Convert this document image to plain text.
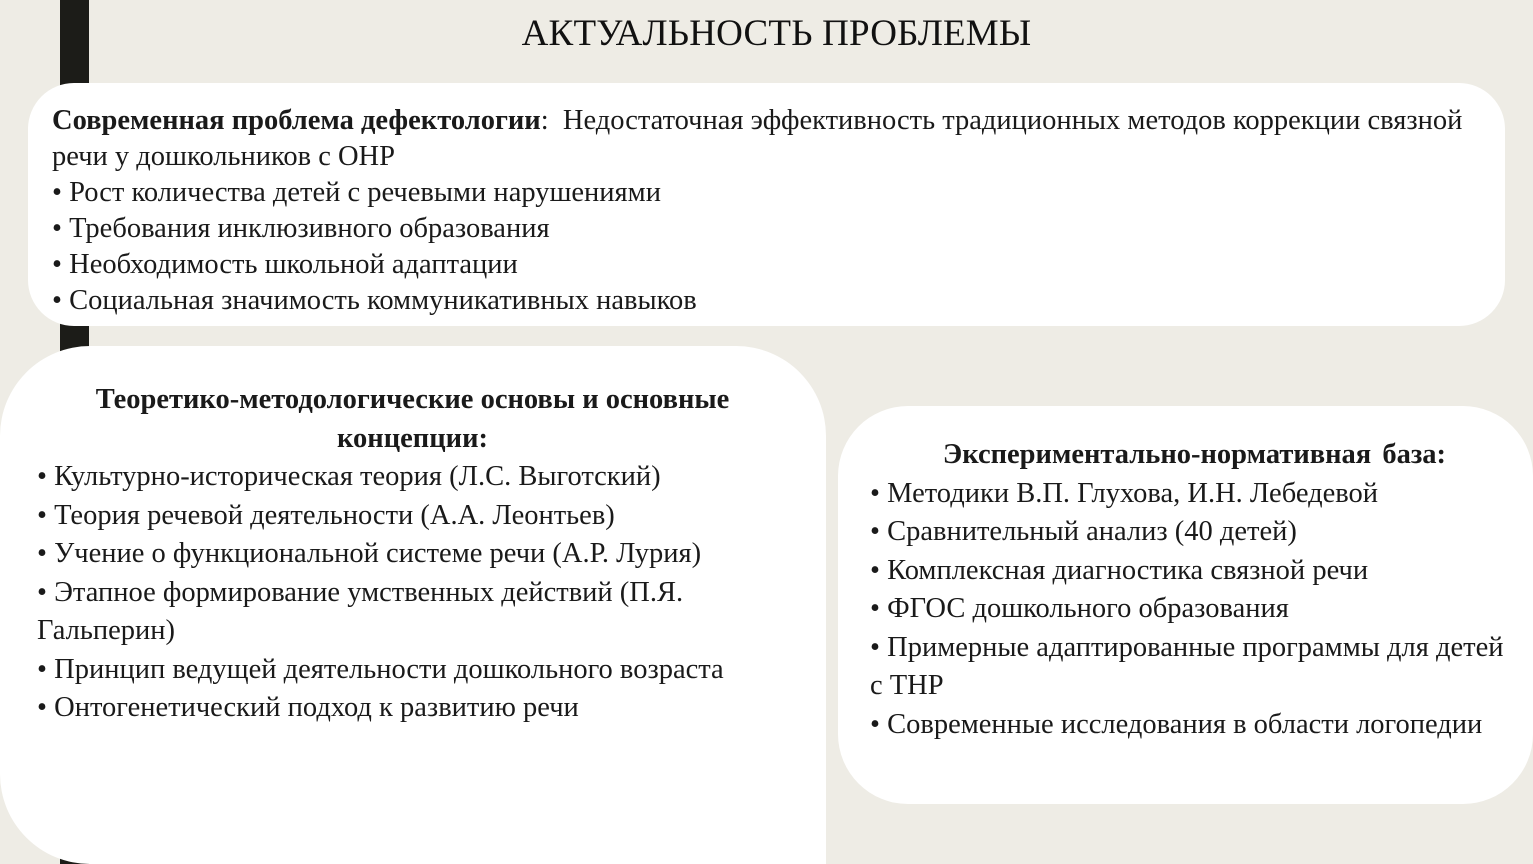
АКТУАЛЬНОСТЬ ПРОБЛЕМЫ
Современная проблема дефектологии:  Недостаточная эффективность традиционных методов коррекции связной речи у дошкольников с ОНР
• Рост количества детей с речевыми нарушениями
• Требования инклюзивного образования
• Необходимость школьной адаптации
• Социальная значимость коммуникативных навыков
Теоретико-методологические основы и основные концепции:
• Культурно-историческая теория (Л.С. Выготский)
• Теория речевой деятельности (А.А. Леонтьев)
• Учение о функциональной системе речи (А.Р. Лурия)
• Этапное формирование умственных действий (П.Я. Гальперин)
• Принцип ведущей деятельности дошкольного возраста
• Онтогенетический подход к развитию речи
Экспериментально-нормативная база:
• Методики В.П. Глухова, И.Н. Лебедевой
• Сравнительный анализ (40 детей)
• Комплексная диагностика связной речи
• ФГОС дошкольного образования
• Примерные адаптированные программы для детей с ТНР
• Современные исследования в области логопедии
